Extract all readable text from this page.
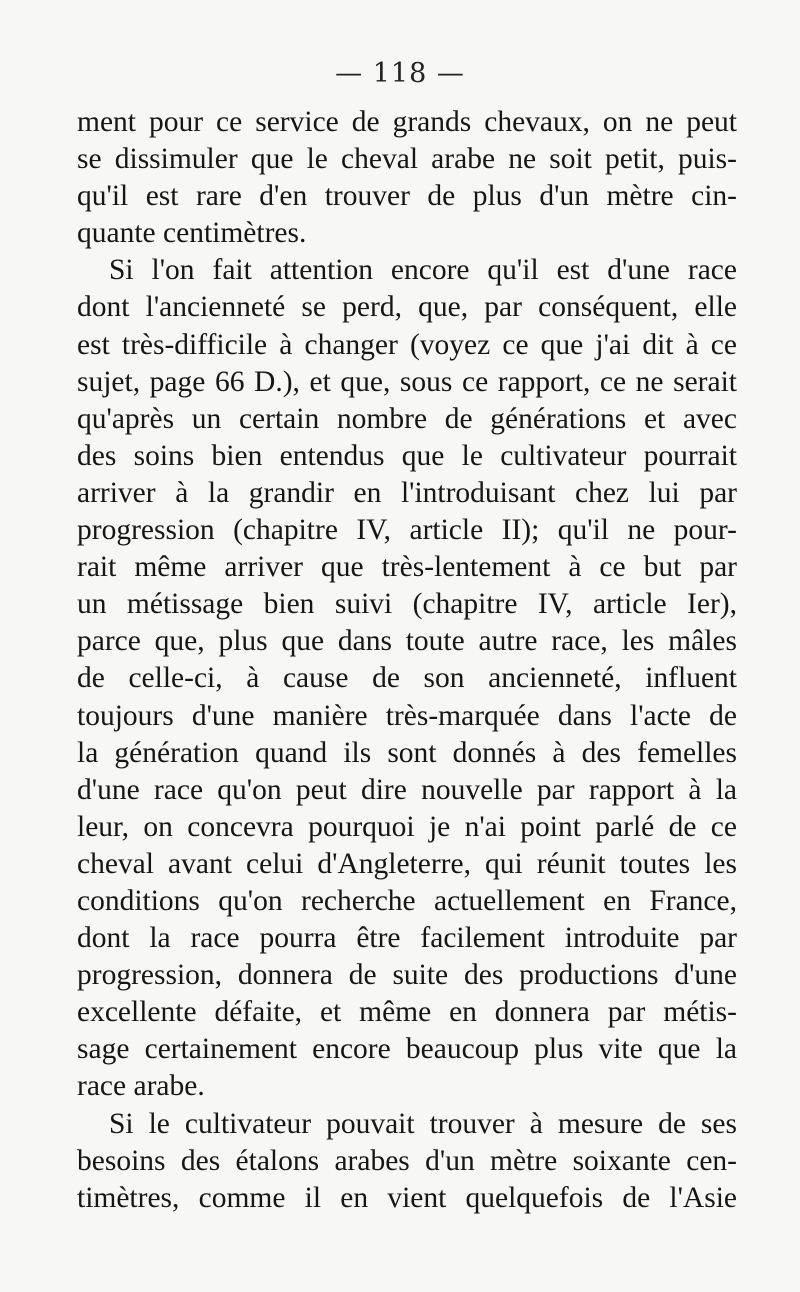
— 118 —
ment pour ce service de grands chevaux, on ne peut
se dissimuler que le cheval arabe ne soit petit, puis-
qu'il est rare d'en trouver de plus d'un mètre cin-
quante centimètres.
Si l'on fait attention encore qu'il est d'une race
dont l'ancienneté se perd, que, par conséquent, elle
est très-difficile à changer (voyez ce que j'ai dit à ce
sujet, page 66 D.), et que, sous ce rapport, ce ne serait
qu'après un certain nombre de générations et avec
des soins bien entendus que le cultivateur pourrait
arriver à la grandir en l'introduisant chez lui par
progression (chapitre IV, article II); qu'il ne pour-
rait même arriver que très-lentement à ce but par
un métissage bien suivi (chapitre IV, article Ier),
parce que, plus que dans toute autre race, les mâles
de celle-ci, à cause de son ancienneté, influent
toujours d'une manière très-marquée dans l'acte de
la génération quand ils sont donnés à des femelles
d'une race qu'on peut dire nouvelle par rapport à la
leur, on concevra pourquoi je n'ai point parlé de ce
cheval avant celui d'Angleterre, qui réunit toutes les
conditions qu'on recherche actuellement en France,
dont la race pourra être facilement introduite par
progression, donnera de suite des productions d'une
excellente défaite, et même en donnera par métis-
sage certainement encore beaucoup plus vite que la
race arabe.
Si le cultivateur pouvait trouver à mesure de ses
besoins des étalons arabes d'un mètre soixante cen-
timètres, comme il en vient quelquefois de l'Asie
